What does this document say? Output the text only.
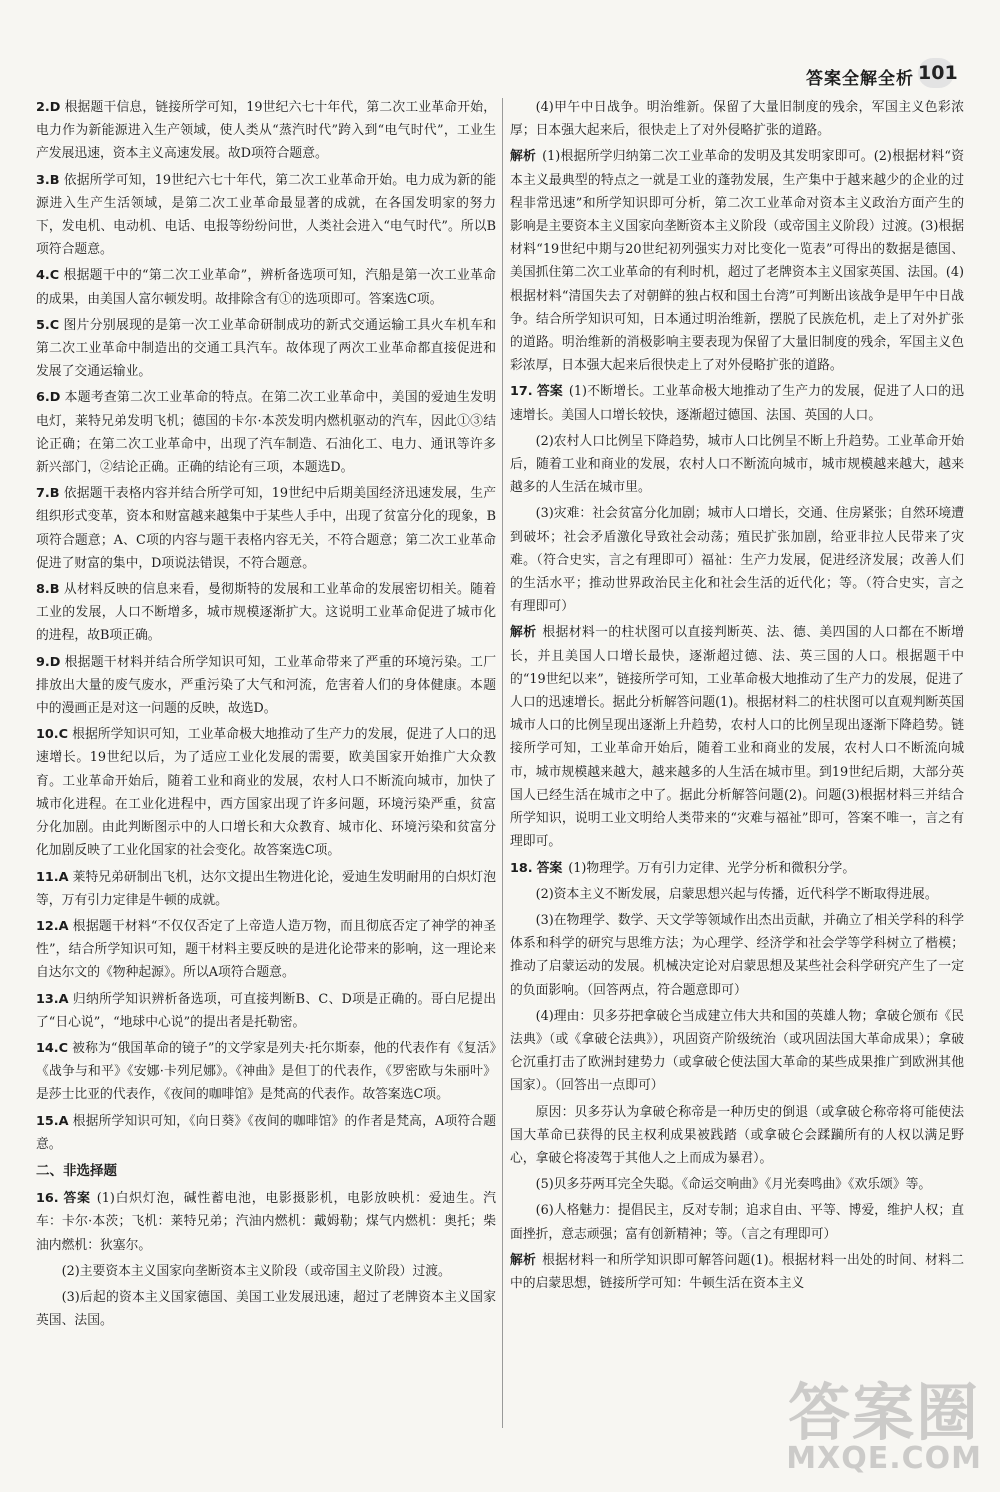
答案全解全析 101
2.D 根据题干信息，链接所学可知，19世纪六七十年代，第二次工业革命开始，电力作为新能源进入生产领域，使人类从“蒸汽时代”跨入到“电气时代”，工业生产发展迅速，资本主义高速发展。故D项符合题意。
3.B 依据所学可知，19世纪六七十年代，第二次工业革命开始。电力成为新的能源进入生产生活领域，是第二次工业革命最显著的成就，在各国发明家的努力下，发电机、电动机、电话、电报等纷纷问世，人类社会进入“电气时代”。所以B项符合题意。
4.C 根据题干中的“第二次工业革命”，辨析备选项可知，汽船是第一次工业革命的成果，由美国人富尔顿发明。故排除含有①的选项即可。答案选C项。
5.C 图片分别展现的是第一次工业革命研制成功的新式交通运输工具火车机车和第二次工业革命中制造出的交通工具汽车。故体现了两次工业革命都直接促进和发展了交通运输业。
6.D 本题考查第二次工业革命的特点。在第二次工业革命中，美国的爱迪生发明电灯，莱特兄弟发明飞机；德国的卡尔·本茨发明内燃机驱动的汽车，因此①③结论正确；在第二次工业革命中，出现了汽车制造、石油化工、电力、通讯等许多新兴部门，②结论正确。正确的结论有三项，本题选D。
7.B 依据题干表格内容并结合所学可知，19世纪中后期美国经济迅速发展，生产组织形式变革，资本和财富越来越集中于某些人手中，出现了贫富分化的现象，B项符合题意；A、C项的内容与题干表格内容无关，不符合题意；第二次工业革命促进了财富的集中，D项说法错误，不符合题意。
8.B 从材料反映的信息来看，曼彻斯特的发展和工业革命的发展密切相关。随着工业的发展，人口不断增多，城市规模逐渐扩大。这说明工业革命促进了城市化的进程，故B项正确。
9.D 根据题干材料并结合所学知识可知，工业革命带来了严重的环境污染。工厂排放出大量的废气废水，严重污染了大气和河流，危害着人们的身体健康。本题中的漫画正是对这一问题的反映，故选D。
10.C 根据所学知识可知，工业革命极大地推动了生产力的发展，促进了人口的迅速增长。19世纪以后，为了适应工业化发展的需要，欧美国家开始推广大众教育。工业革命开始后，随着工业和商业的发展，农村人口不断流向城市，加快了城市化进程。在工业化进程中，西方国家出现了许多问题，环境污染严重，贫富分化加剧。由此判断图示中的人口增长和大众教育、城市化、环境污染和贫富分化加剧反映了工业化国家的社会变化。故答案选C项。
11.A 莱特兄弟研制出飞机，达尔文提出生物进化论，爱迪生发明耐用的白炽灯泡等，万有引力定律是牛顿的成就。
12.A 根据题干材料“不仅仅否定了上帝造人造万物，而且彻底否定了神学的神圣性”，结合所学知识可知，题干材料主要反映的是进化论带来的影响，这一理论来自达尔文的《物种起源》。所以A项符合题意。
13.A 归纳所学知识辨析备选项，可直接判断B、C、D项是正确的。哥白尼提出了“日心说”，“地球中心说”的提出者是托勒密。
14.C 被称为“俄国革命的镜子”的文学家是列夫·托尔斯泰，他的代表作有《复活》《战争与和平》《安娜·卡列尼娜》。《神曲》是但丁的代表作，《罗密欧与朱丽叶》是莎士比亚的代表作，《夜间的咖啡馆》是梵高的代表作。故答案选C项。
15.A 根据所学知识可知，《向日葵》《夜间的咖啡馆》的作者是梵高，A项符合题意。
二、非选择题
16. 答案 (1)白炽灯泡，碱性蓄电池，电影摄影机，电影放映机：爱迪生。汽车：卡尔·本茨；飞机：莱特兄弟；汽油内燃机：戴姆勒；煤气内燃机：奥托；柴油内燃机：狄塞尔。
(2)主要资本主义国家向垄断资本主义阶段（或帝国主义阶段）过渡。
(3)后起的资本主义国家德国、美国工业发展迅速，超过了老牌资本主义国家英国、法国。
(4)甲午中日战争。明治维新。保留了大量旧制度的残余，军国主义色彩浓厚；日本强大起来后，很快走上了对外侵略扩张的道路。
解析 (1)根据所学归纳第二次工业革命的发明及其发明家即可。(2)根据材料“资本主义最典型的特点之一就是工业的蓬勃发展，生产集中于越来越少的企业的过程非常迅速”和所学知识即可分析，第二次工业革命对资本主义政治方面产生的影响是主要资本主义国家向垄断资本主义阶段（或帝国主义阶段）过渡。(3)根据材料“19世纪中期与20世纪初列强实力对比变化一览表”可得出的数据是德国、美国抓住第二次工业革命的有利时机，超过了老牌资本主义国家英国、法国。(4)根据材料“清国失去了对朝鲜的独占权和国土台湾”可判断出该战争是甲午中日战争。结合所学知识可知，日本通过明治维新，摆脱了民族危机，走上了对外扩张的道路。明治维新的消极影响主要表现为保留了大量旧制度的残余，军国主义色彩浓厚，日本强大起来后很快走上了对外侵略扩张的道路。
17. 答案 (1)不断增长。工业革命极大地推动了生产力的发展，促进了人口的迅速增长。美国人口增长较快，逐渐超过德国、法国、英国的人口。
(2)农村人口比例呈下降趋势，城市人口比例呈不断上升趋势。工业革命开始后，随着工业和商业的发展，农村人口不断流向城市，城市规模越来越大，越来越多的人生活在城市里。
(3)灾难：社会贫富分化加剧；城市人口增长，交通、住房紧张；自然环境遭到破坏；社会矛盾激化导致社会动荡；殖民扩张加剧，给亚非拉人民带来了灾难。（符合史实，言之有理即可）福祉：生产力发展，促进经济发展；改善人们的生活水平；推动世界政治民主化和社会生活的近代化；等。（符合史实，言之有理即可）
解析 根据材料一的柱状图可以直接判断英、法、德、美四国的人口都在不断增长，并且美国人口增长最快，逐渐超过德、法、英三国的人口。根据题干中的“19世纪以来”，链接所学可知，工业革命极大地推动了生产力的发展，促进了人口的迅速增长。据此分析解答问题(1)。根据材料二的柱状图可以直观判断英国城市人口的比例呈现出逐渐上升趋势，农村人口的比例呈现出逐渐下降趋势。链接所学可知，工业革命开始后，随着工业和商业的发展，农村人口不断流向城市，城市规模越来越大，越来越多的人生活在城市里。到19世纪后期，大部分英国人已经生活在城市之中了。据此分析解答问题(2)。问题(3)根据材料三并结合所学知识，说明工业文明给人类带来的“灾难与福祉”即可，答案不唯一，言之有理即可。
18. 答案 (1)物理学。万有引力定律、光学分析和微积分学。
(2)资本主义不断发展，启蒙思想兴起与传播，近代科学不断取得进展。
(3)在物理学、数学、天文学等领域作出杰出贡献，并确立了相关学科的科学体系和科学的研究与思维方法；为心理学、经济学和社会学等学科树立了楷模；推动了启蒙运动的发展。机械决定论对启蒙思想及某些社会科学研究产生了一定的负面影响。（回答两点，符合题意即可）
(4)理由：贝多芬把拿破仑当成建立伟大共和国的英雄人物；拿破仑颁布《民法典》（或《拿破仑法典》），巩固资产阶级统治（或巩固法国大革命成果）；拿破仑沉重打击了欧洲封建势力（或拿破仑使法国大革命的某些成果推广到欧洲其他国家）。（回答出一点即可）
原因：贝多芬认为拿破仑称帝是一种历史的倒退（或拿破仑称帝将可能使法国大革命已获得的民主权利成果被践踏（或拿破仑会蹂躏所有的人权以满足野心，拿破仑将凌驾于其他人之上而成为暴君）。
(5)贝多芬两耳完全失聪。《命运交响曲》《月光奏鸣曲》《欢乐颂》等。
(6)人格魅力：提倡民主，反对专制；追求自由、平等、博爱，维护人权；直面挫折，意志顽强；富有创新精神；等。（言之有理即可）
解析 根据材料一和所学知识即可解答问题(1)。根据材料一出处的时间、材料二中的启蒙思想，链接所学可知：牛顿生活在资本主义
答案圈
MXQE.COM
